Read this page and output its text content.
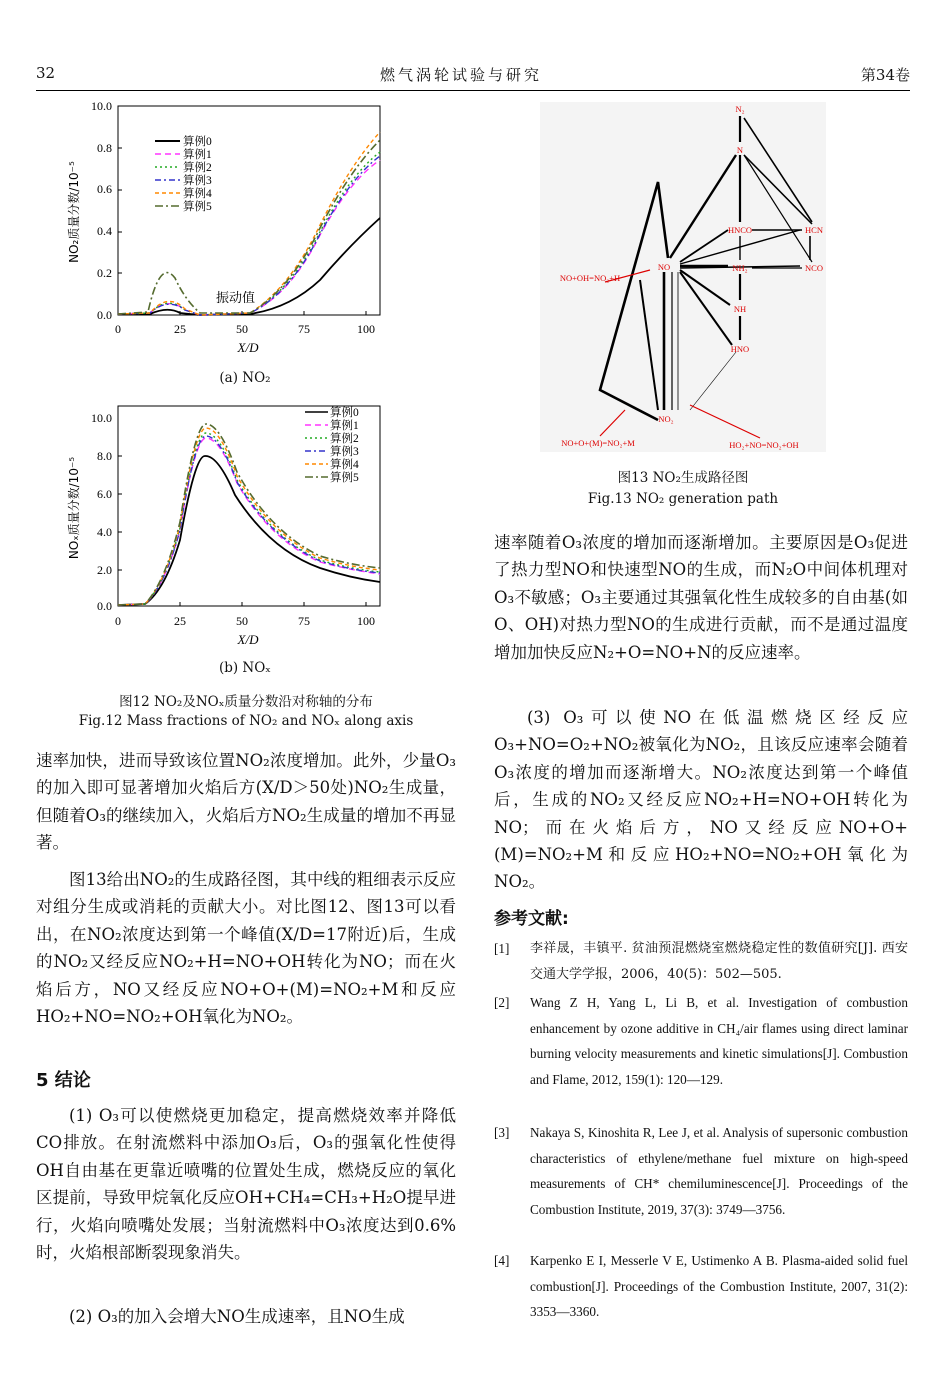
32	燃气涡轮试验与研究	第34卷
10.0
0.8
0.6
0.4
0.2
0.0
0	25	50	75	100
NO₂质量分数/10⁻⁵
X/D
振动值
算例0
算例1
算例2
算例3
算例4
算例5
(a) NO₂
10.0
8.0
6.0
4.0
2.0
0.0
0	25	50	75	100
NOₓ质量分数/10⁻⁵
X/D
算例0
算例1
算例2
算例3
算例4
算例5
(b) NOₓ
图12 NO₂及NOₓ质量分数沿对称轴的分布
Fig.12 Mass fractions of NO₂ and NOₓ along axis
N₂
N
HNCO	HCN
NO	NH₂	NCO
NH
HNO
NO₂
NO+OH=NO₂+H
NO+O+(M)=NO₂+M	HO₂+NO=NO₂+OH
图13 NO₂生成路径图
Fig.13 NO₂ generation path
速率加快，进而导致该位置NO₂浓度增加。此外，少量O₃的加入即可显著增加火焰后方(X/D＞50处)NO₂生成量，但随着O₃的继续加入，火焰后方NO₂生成量的增加不再显著。
图13给出NO₂的生成路径图，其中线的粗细表示反应对组分生成或消耗的贡献大小。对比图12、图13可以看出，在NO₂浓度达到第一个峰值(X/D=17附近)后，生成的NO₂又经反应NO₂+H=NO+OH转化为NO；而在火焰后方，NO又经反应NO+O+(M)=NO₂+M和反应HO₂+NO=NO₂+OH氧化为NO₂。
5 结论
(1) O₃可以使燃烧更加稳定，提高燃烧效率并降低CO排放。在射流燃料中添加O₃后，O₃的强氧化性使得OH自由基在更靠近喷嘴的位置处生成，燃烧反应的氧化区提前，导致甲烷氧化反应OH+CH₄=CH₃+H₂O提早进行，火焰向喷嘴处发展；当射流燃料中O₃浓度达到0.6%时，火焰根部断裂现象消失。
(2) O₃的加入会增大NO生成速率，且NO生成
速率随着O₃浓度的增加而逐渐增加。主要原因是O₃促进了热力型NO和快速型NO的生成，而N₂O中间体机理对O₃不敏感；O₃主要通过其强氧化性生成较多的自由基(如O、OH)对热力型NO的生成进行贡献，而不是通过温度增加加快反应N₂+O=NO+N的反应速率。
(3) O₃可以使NO在低温燃烧区经反应O₃+NO=O₂+NO₂被氧化为NO₂，且该反应速率会随着O₃浓度的增加而逐渐增大。NO₂浓度达到第一个峰值后，生成的NO₂又经反应NO₂+H=NO+OH转化为NO；而在火焰后方，NO又经反应NO+O+(M)=NO₂+M和反应HO₂+NO=NO₂+OH氧化为NO₂。
参考文献:
[1] 李祥晟，丰镇平. 贫油预混燃烧室燃烧稳定性的数值研究[J]. 西安交通大学学报，2006，40(5)：502—505.
[2] Wang Z H, Yang L, Li B, et al. Investigation of combustion enhancement by ozone additive in CH₄/air flames using direct laminar burning velocity measurements and kinetic simulations[J]. Combustion and Flame, 2012, 159(1): 120—129.
[3] Nakaya S, Kinoshita R, Lee J, et al. Analysis of supersonic combustion characteristics of ethylene/methane fuel mixture on high-speed measurements of CH* chemiluminescence[J]. Proceedings of the Combustion Institute, 2019, 37(3): 3749—3756.
[4] Karpenko E I, Messerle V E, Ustimenko A B. Plasma-aided solid fuel combustion[J]. Proceedings of the Combustion Institute, 2007, 31(2): 3353—3360.
